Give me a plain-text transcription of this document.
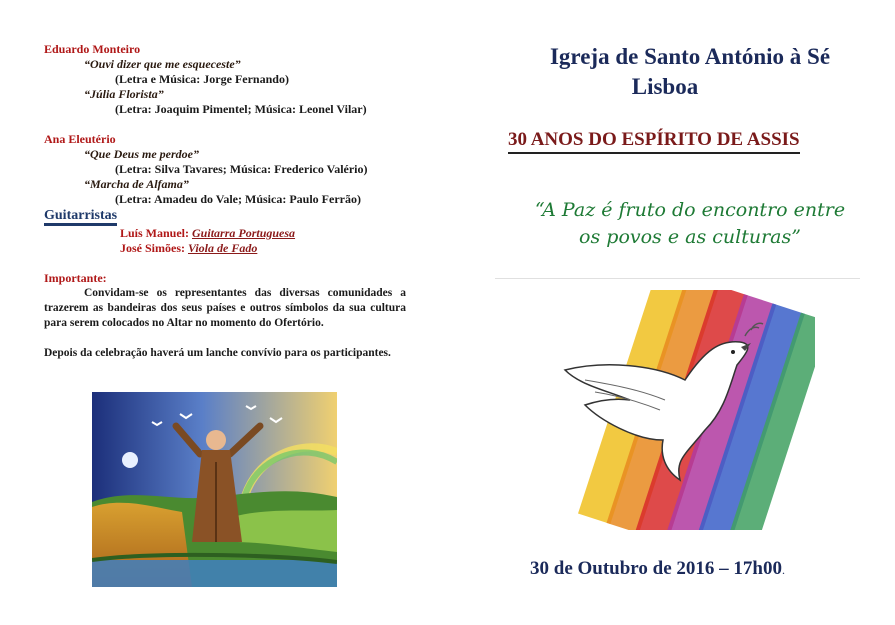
Eduardo Monteiro
“Ouvi dizer que me esqueceste”
(Letra e Música: Jorge Fernando)
“Júlia Florista”
(Letra: Joaquim Pimentel; Música: Leonel Vilar)
Ana Eleutério
“Que Deus me perdoe”
(Letra: Silva Tavares; Música: Frederico Valério)
“Marcha de Alfama”
(Letra: Amadeu do Vale; Música: Paulo Ferrão)
Guitarristas
Luís Manuel: Guitarra Portuguesa
José Simões: Viola de Fado
Importante:
Convidam-se os representantes das diversas comunidades a trazerem as bandeiras dos seus países e outros símbolos da sua cultura para serem colocados no Altar no momento do Ofertório.
Depois da celebração haverá um lanche convívio para os participantes.
Igreja de Santo António à Sé

Lisboa
30 ANOS DO ESPÍRITO DE ASSIS
“A Paz é fruto do encontro entre
os povos e as culturas”
30 de Outubro de 2016 – 17h00.
